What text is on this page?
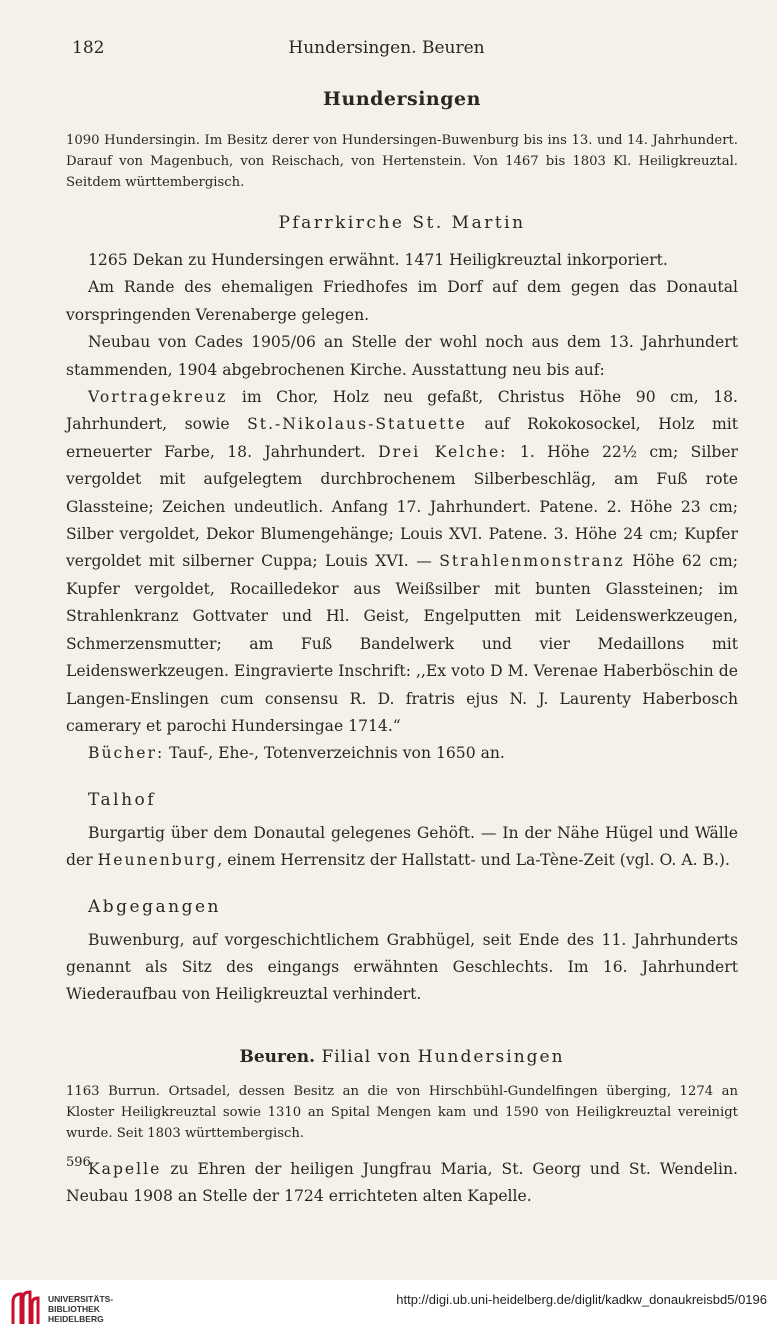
182	Hundersingen. Beuren
Hundersingen

1090 Hundersingin. Im Besitz derer von Hundersingen-Buwenburg bis ins 13. und 14. Jahrhundert. Darauf von Magenbuch, von Reischach, von Hertenstein. Von 1467 bis 1803 Kl. Heiligkreuztal. Seitdem württembergisch.

Pfarrkirche St. Martin

1265 Dekan zu Hundersingen erwähnt. 1471 Heiligkreuztal inkorporiert.

Am Rande des ehemaligen Friedhofes im Dorf auf dem gegen das Donautal vorspringenden Verenaberge gelegen.

Neubau von Cades 1905/06 an Stelle der wohl noch aus dem 13. Jahrhundert stammenden, 1904 abgebrochenen Kirche. Ausstattung neu bis auf:

Vortragekreuz im Chor, Holz neu gefaßt, Christus Höhe 90 cm, 18. Jahrhundert, sowie St.-Nikolaus-Statuette auf Rokokosockel, Holz mit erneuerter Farbe, 18. Jahrhundert. Drei Kelche: 1. Höhe 22½ cm; Silber vergoldet mit aufgelegtem durchbrochenem Silberbeschläg, am Fuß rote Glassteine; Zeichen undeutlich. Anfang 17. Jahrhundert. Patene. 2. Höhe 23 cm; Silber vergoldet, Dekor Blumengehänge; Louis XVI. Patene. 3. Höhe 24 cm; Kupfer vergoldet mit silberner Cuppa; Louis XVI. — Strahlenmonstranz Höhe 62 cm; Kupfer vergoldet, Rocailledekor aus Weißsilber mit bunten Glassteinen; im Strahlenkranz Gottvater und Hl. Geist, Engelputten mit Leidenswerkzeugen, Schmerzensmutter; am Fuß Bandelwerk und vier Medaillons mit Leidenswerkzeugen. Eingravierte Inschrift: ,,Ex voto D M. Verenae Haberböschin de Langen-Enslingen cum consensu R. D. fratris ejus N. J. Laurenty Haberbosch camerary et parochi Hundersingae 1714.“

Bücher: Tauf-, Ehe-, Totenverzeichnis von 1650 an.

Talhof

Burgartig über dem Donautal gelegenes Gehöft. — In der Nähe Hügel und Wälle der Heunenburg, einem Herrensitz der Hallstatt- und La-Tène-Zeit (vgl. O. A. B.).

Abgegangen

Buwenburg, auf vorgeschichtlichem Grabhügel, seit Ende des 11. Jahrhunderts genannt als Sitz des eingangs erwähnten Geschlechts. Im 16. Jahrhundert Wiederaufbau von Heiligkreuztal verhindert.

Beuren. Filial von Hundersingen

1163 Burrun. Ortsadel, dessen Besitz an die von Hirschbühl-Gundelfingen überging, 1274 an Kloster Heiligkreuztal sowie 1310 an Spital Mengen kam und 1590 von Heiligkreuztal vereinigt wurde. Seit 1803 württembergisch.

Kapelle zu Ehren der heiligen Jungfrau Maria, St. Georg und St. Wendelin. Neubau 1908 an Stelle der 1724 errichteten alten Kapelle.

596
UNIVERSITÄTS-
BIBLIOTHEK
HEIDELBERG
http://digi.ub.uni-heidelberg.de/diglit/kadkw_donaukreisbd5/0196
